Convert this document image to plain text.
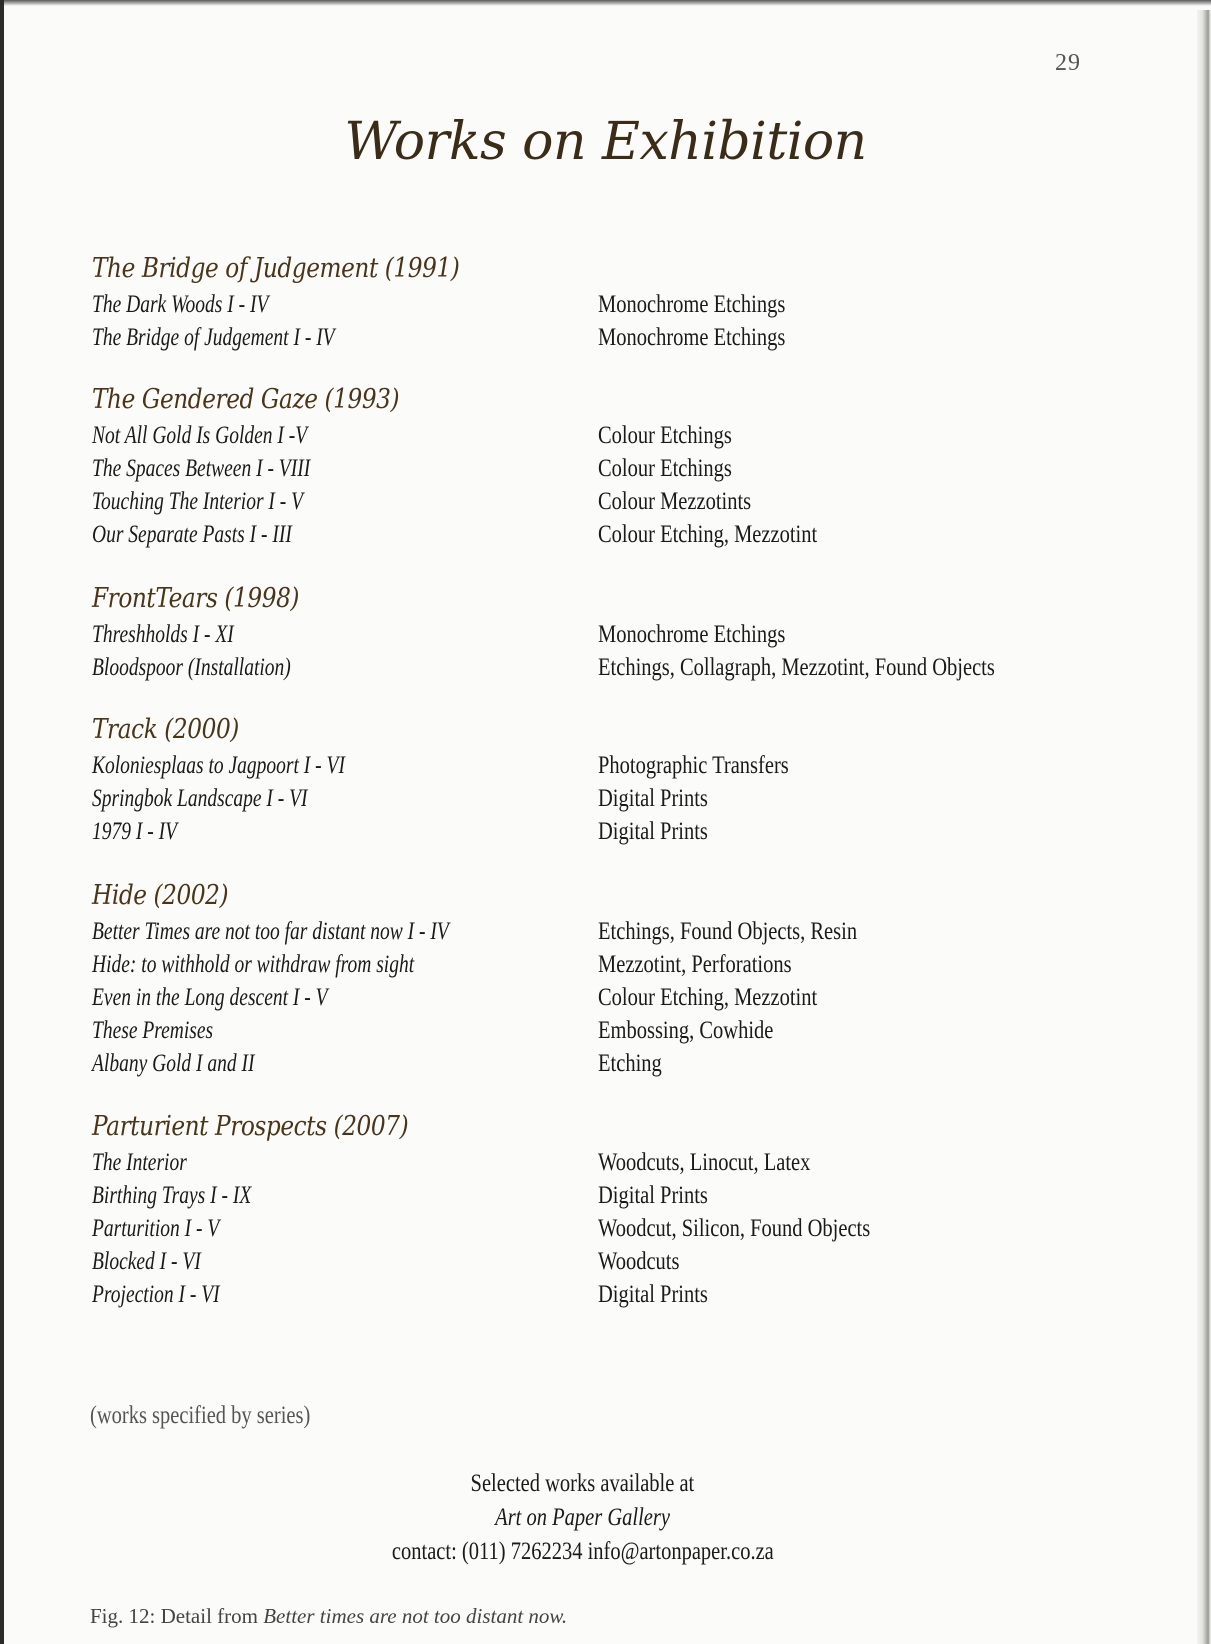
29
Works on Exhibition
The Bridge of Judgement (1991)
The Dark Woods I - IV	Monochrome Etchings
The Bridge of Judgement I - IV	Monochrome Etchings
The Gendered Gaze (1993)
Not All Gold Is Golden I -V	Colour Etchings
The Spaces Between I - VIII	Colour Etchings
Touching The Interior I - V	Colour Mezzotints
Our Separate Pasts I - III	Colour Etching, Mezzotint
FrontTears (1998)
Threshholds I - XI	Monochrome Etchings
Bloodspoor (Installation)	Etchings, Collagraph, Mezzotint, Found Objects
Track (2000)
Koloniesplaas to Jagpoort I - VI	Photographic Transfers
Springbok Landscape I - VI	Digital Prints
1979 I - IV	Digital Prints
Hide (2002)
Better Times are not too far distant now I - IV	Etchings, Found Objects, Resin
Hide: to withhold or withdraw from sight	Mezzotint, Perforations
Even in the Long descent I - V	Colour Etching, Mezzotint
These Premises	Embossing, Cowhide
Albany Gold I and II	Etching
Parturient Prospects (2007)
The Interior	Woodcuts, Linocut, Latex
Birthing Trays I - IX	Digital Prints
Parturition I - V	Woodcut, Silicon, Found Objects
Blocked I - VI	Woodcuts
Projection I - VI	Digital Prints
(works specified by series)
Selected works available at
Art on Paper Gallery
contact: (011) 7262234 info@artonpaper.co.za
Fig. 12: Detail from Better times are not too distant now.
